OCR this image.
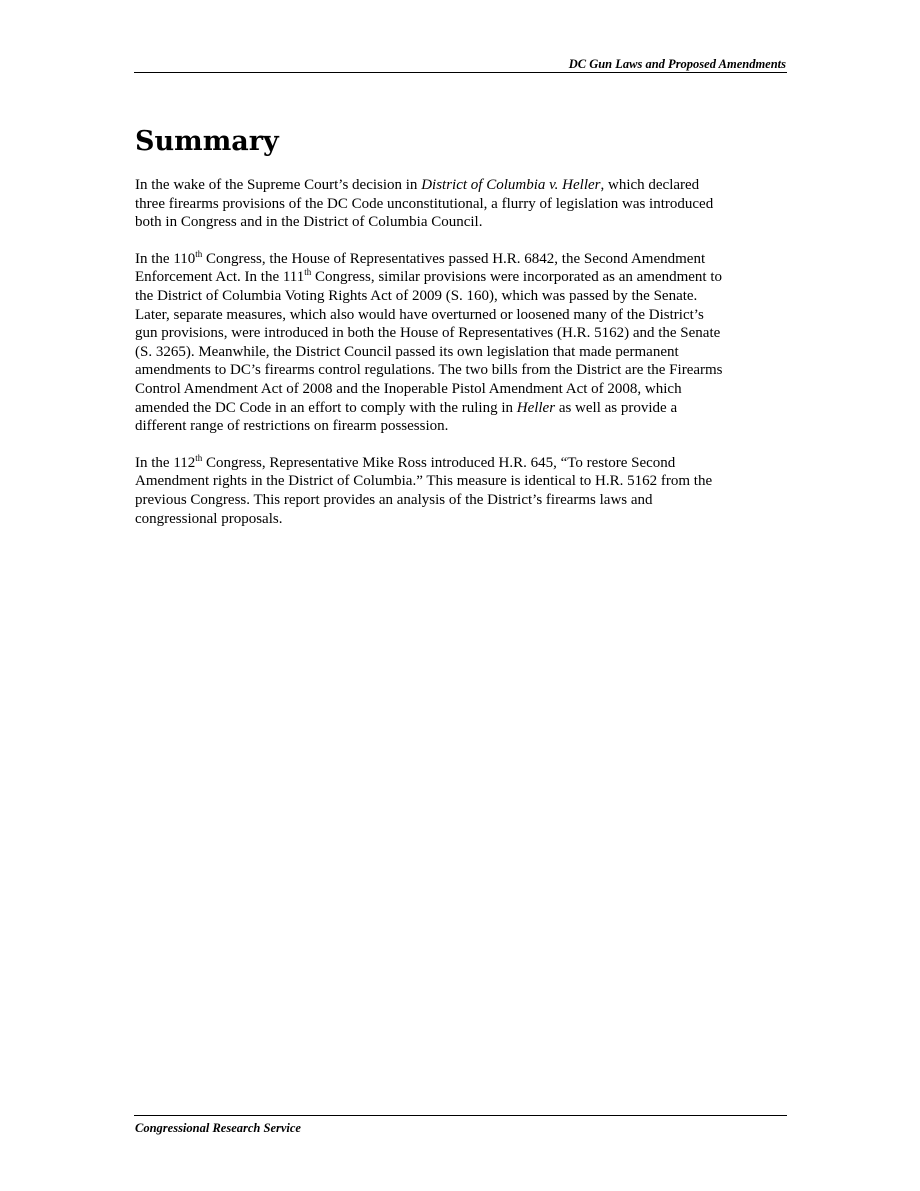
DC Gun Laws and Proposed Amendments
Summary

In the wake of the Supreme Court’s decision in District of Columbia v. Heller, which declared
three firearms provisions of the DC Code unconstitutional, a flurry of legislation was introduced
both in Congress and in the District of Columbia Council.

In the 110th Congress, the House of Representatives passed H.R. 6842, the Second Amendment
Enforcement Act. In the 111th Congress, similar provisions were incorporated as an amendment to
the District of Columbia Voting Rights Act of 2009 (S. 160), which was passed by the Senate.
Later, separate measures, which also would have overturned or loosened many of the District’s
gun provisions, were introduced in both the House of Representatives (H.R. 5162) and the Senate
(S. 3265). Meanwhile, the District Council passed its own legislation that made permanent
amendments to DC’s firearms control regulations. The two bills from the District are the Firearms
Control Amendment Act of 2008 and the Inoperable Pistol Amendment Act of 2008, which
amended the DC Code in an effort to comply with the ruling in Heller as well as provide a
different range of restrictions on firearm possession.

In the 112th Congress, Representative Mike Ross introduced H.R. 645, “To restore Second
Amendment rights in the District of Columbia.” This measure is identical to H.R. 5162 from the
previous Congress. This report provides an analysis of the District’s firearms laws and
congressional proposals.

Congressional Research Service
